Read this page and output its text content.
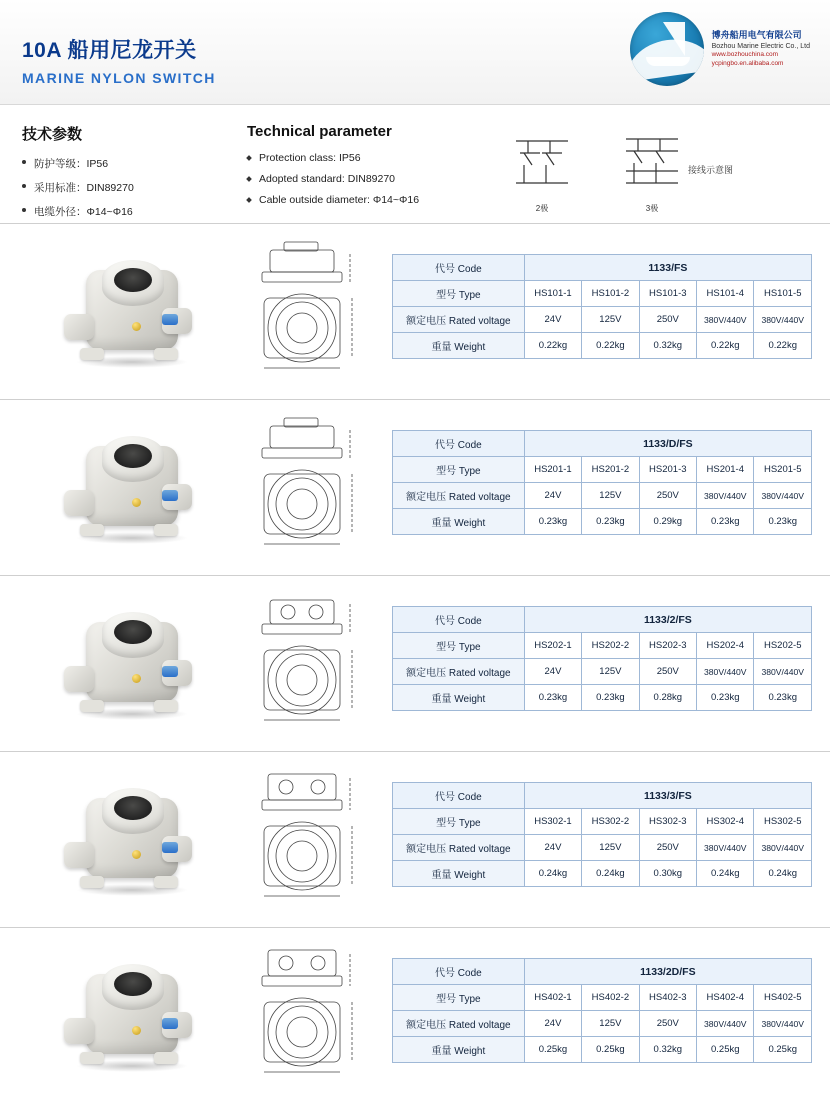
10A 船用尼龙开关
MARINE NYLON SWITCH
博舟船用电气有限公司
Bozhou Marine Electric Co., Ltd
www.bozhouchina.com
ycpingbo.en.alibaba.com
技术参数
防护等级：IP56
采用标准：DIN89270
电缆外径：Φ14~Φ16
Technical parameter
Protection class: IP56
Adopted standard: DIN89270
Cable outside diameter: Φ14~Φ16
2极	3极
接线示意图
代号 Code	1133/FS				
型号 Type	HS101-1	HS101-2	HS101-3	HS101-4	HS101-5
额定电压 Rated voltage	24V	125V	250V	380V/440V	380V/440V
重量 Weight	0.22kg	0.22kg	0.32kg	0.22kg	0.22kg
代号 Code	1133/D/FS				
型号 Type	HS201-1	HS201-2	HS201-3	HS201-4	HS201-5
额定电压 Rated voltage	24V	125V	250V	380V/440V	380V/440V
重量 Weight	0.23kg	0.23kg	0.29kg	0.23kg	0.23kg
代号 Code	1133/2/FS				
型号 Type	HS202-1	HS202-2	HS202-3	HS202-4	HS202-5
额定电压 Rated voltage	24V	125V	250V	380V/440V	380V/440V
重量 Weight	0.23kg	0.23kg	0.28kg	0.23kg	0.23kg
代号 Code	1133/3/FS				
型号 Type	HS302-1	HS302-2	HS302-3	HS302-4	HS302-5
额定电压 Rated voltage	24V	125V	250V	380V/440V	380V/440V
重量 Weight	0.24kg	0.24kg	0.30kg	0.24kg	0.24kg
代号 Code	1133/2D/FS				
型号 Type	HS402-1	HS402-2	HS402-3	HS402-4	HS402-5
额定电压 Rated voltage	24V	125V	250V	380V/440V	380V/440V
重量 Weight	0.25kg	0.25kg	0.32kg	0.25kg	0.25kg
